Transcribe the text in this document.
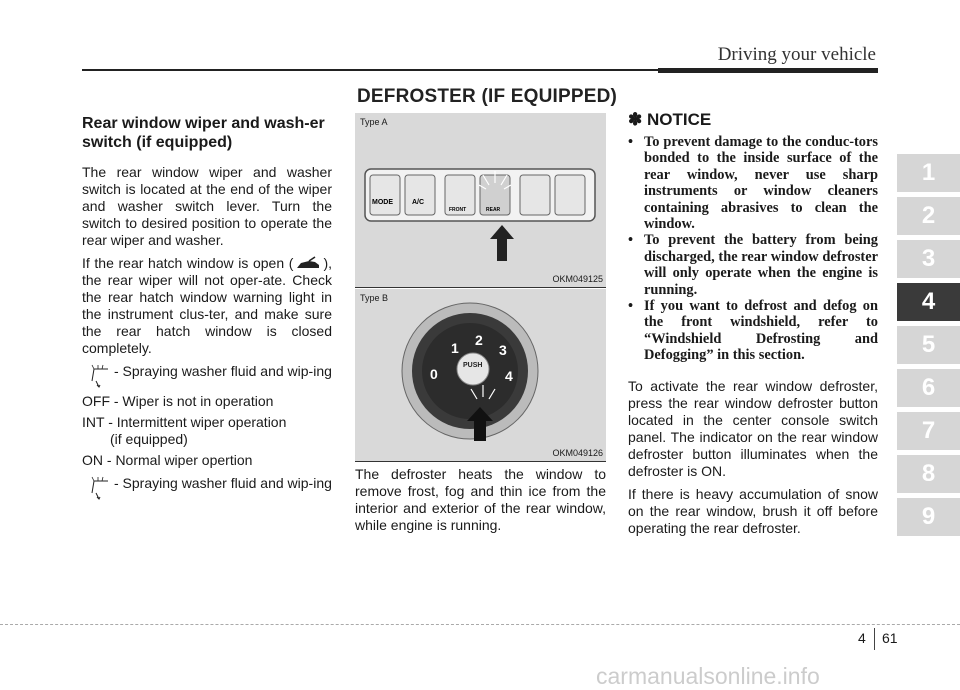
Driving your vehicle
1
2
3
4
5
6
7
8
9
DEFROSTER (IF EQUIPPED)
Rear window wiper and wash-er switch (if equipped)

The rear window wiper and washer switch is located at the end of the wiper and washer switch lever. Turn the switch to desired position to operate the rear wiper and washer.

If the rear hatch window is open ( ), the rear wiper will not oper-ate. Check the rear hatch window warning light in the instrument clus-ter, and make sure the rear hatch window is closed completely.

- Spraying washer fluid and wip-ing
OFF - Wiper is not in operation
INT - Intermittent wiper operation
(if equipped)
ON - Normal wiper opertion
- Spraying washer fluid and wip-ing
Type A
MODE	A/C
FRONT	REAR
OKM049125
Type B
PUSH
0
1 2
3
4
OKM049126
The defroster heats the window to remove frost, fog and thin ice from the interior and exterior of the rear window, while engine is running.
✽ NOTICE
• To prevent damage to the conduc-tors bonded to the inside surface of the rear window, never use sharp instruments or window cleaners containing abrasives to clean the window.
• To prevent the battery from being discharged, the rear window defroster will only operate when the engine is running.
• If you want to defrost and defog on the front windshield, refer to “Windshield Defrosting and Defogging” in this section.

To activate the rear window defroster, press the rear window defroster button located in the center console switch panel. The indicator on the rear window defroster button illuminates when the defroster is ON.

If there is heavy accumulation of snow on the rear window, brush it off before operating the rear defroster.

4 61
carmanualsonline.info
